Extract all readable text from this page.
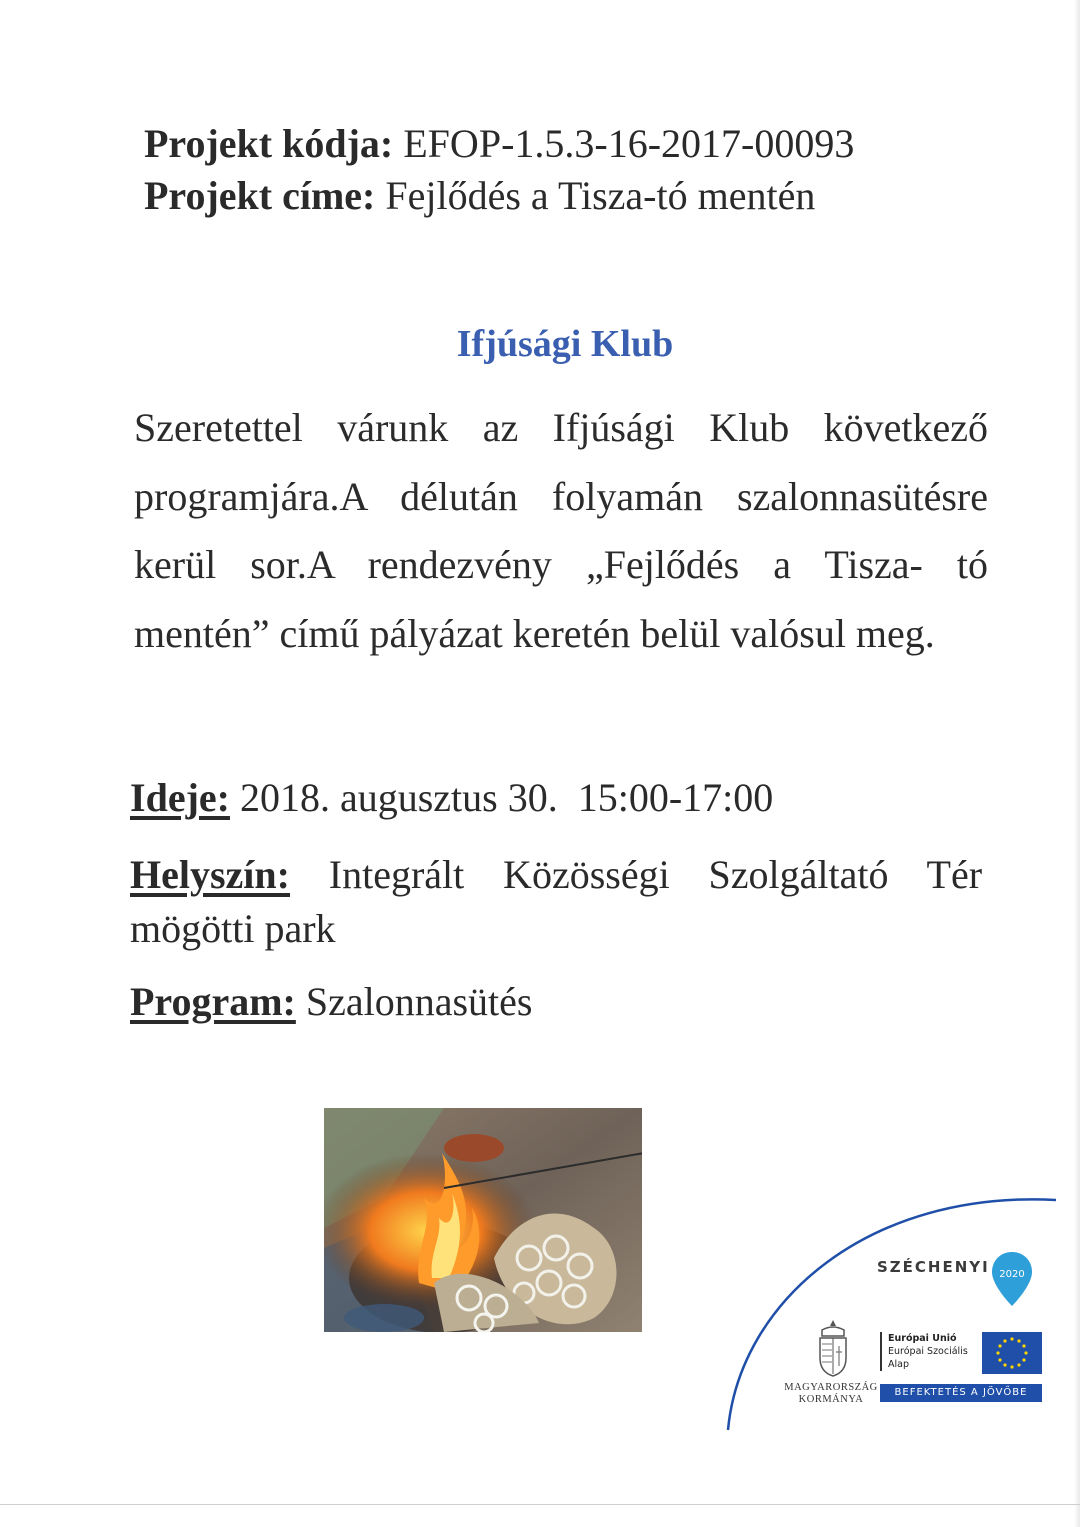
Projekt kódja: EFOP-1.5.3-16-2017-00093
Projekt címe: Fejlődés a Tisza-tó mentén
Ifjúsági Klub
Szeretettel várunk az Ifjúsági Klub következő programjára.A délután folyamán szalonnasütésre kerül sor.A rendezvény „Fejlődés a Tisza- tó mentén” című pályázat keretén belül valósul meg.
Ideje: 2018. augusztus 30.  15:00-17:00
Helyszín: Integrált Közösségi Szolgáltató Tér mögötti park
Program: Szalonnasütés
SZÉCHENYI 2020
MAGYARORSZÁG
KORMÁNYA
Európai Unió
Európai Szociális
Alap
BEFEKTETÉS A JÖVŐBE
